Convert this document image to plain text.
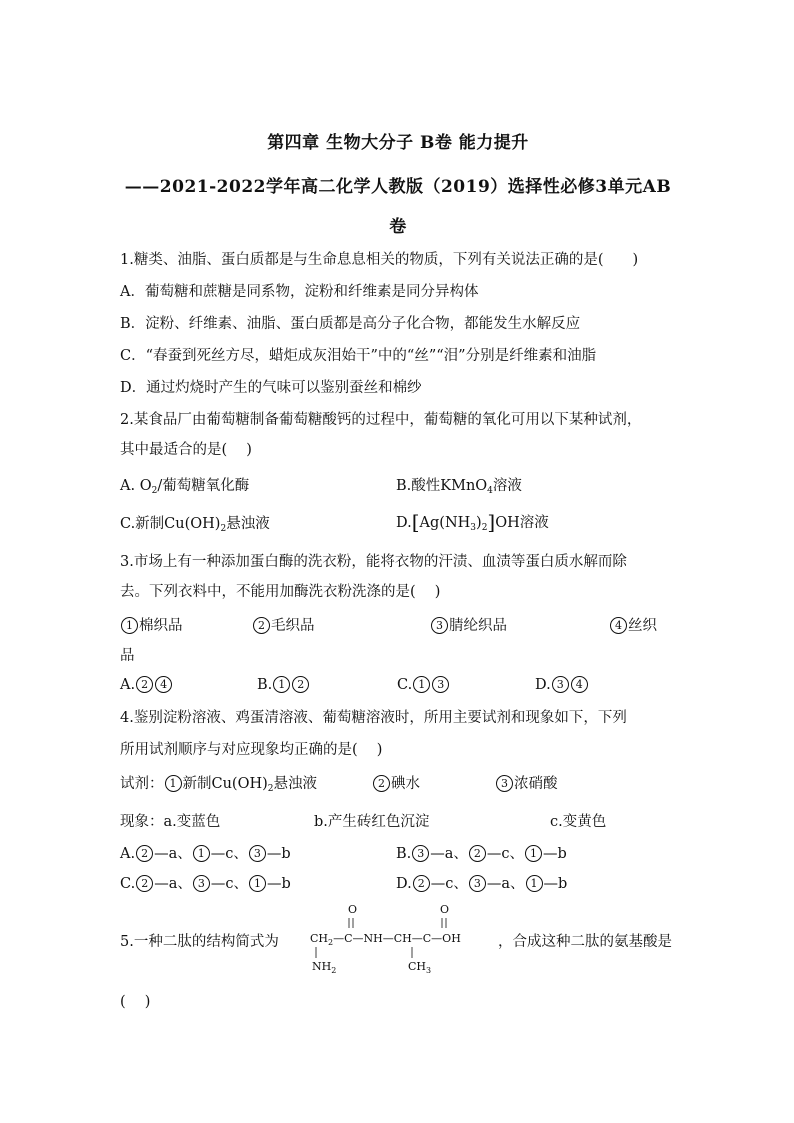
第四章 生物大分子 B卷 能力提升
——2021-2022学年高二化学人教版（2019）选择性必修3单元AB
卷
1.糖类、油脂、蛋白质都是与生命息息相关的物质，下列有关说法正确的是(　　)
A．葡萄糖和蔗糖是同系物，淀粉和纤维素是同分异构体
B．淀粉、纤维素、油脂、蛋白质都是高分子化合物，都能发生水解反应
C．“春蚕到死丝方尽，蜡炬成灰泪始干”中的“丝”“泪”分别是纤维素和油脂
D．通过灼烧时产生的气味可以鉴别蚕丝和棉纱
2.某食品厂由葡萄糖制备葡萄糖酸钙的过程中，葡萄糖的氧化可用以下某种试剂，
其中最适合的是(　 )
A. $O_2/$葡萄糖氧化酶	B.酸性KMnO$_4$溶液
C.新制$Cu(OH)_2$悬浊液	$D.[Ag(NH_3)_2]OH$溶液
3.市场上有一种添加蛋白酶的洗衣粉，能将衣物的汗渍、血渍等蛋白质水解而除
去。下列衣料中，不能用加酶洗衣粉洗涤的是(　 )
1 棉织品	2 毛织品	3 腈纶织品	4 丝织
品
A. 2 4	B. 1 2	C. 1 3	D. 3 4
4.鉴别淀粉溶液、鸡蛋清溶液、葡萄糖溶液时，所用主要试剂和现象如下，下列
所用试剂顺序与对应现象均正确的是(　 )
试剂： 1 新制$Cu(OH)_2$悬浊液	2 碘水	3 浓硝酸
现象：a.变蓝色	b.产生砖红色沉淀	c.变黄色
A. 2 —a、 1 —c、 3 —b	B. 3 —a、 2 —c、 1 —b
C. 2 —a、 3 —c、 1 —b	D. 2 —c、 3 —a、 1 —b
5.一种二肽的结构简式为
O	O
$CH_2—C—NH—CH—C—OH$
$NH_2$	$CH_3$
，合成这种二肽的氨基酸是
(　 )
